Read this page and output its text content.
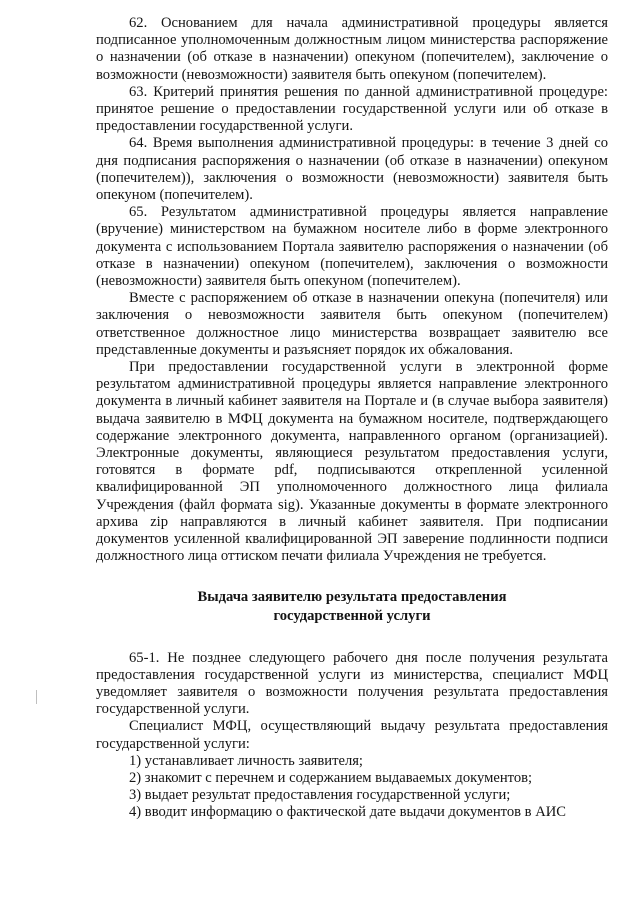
62. Основанием для начала административной процедуры является подписанное уполномоченным должностным лицом министерства распоряжение о назначении (об отказе в назначении) опекуном (попечителем), заключение о возможности (невозможности) заявителя быть опекуном (попечителем).

63. Критерий принятия решения по данной административной процедуре: принятое решение о предоставлении государственной услуги или об отказе в предоставлении государственной услуги.

64. Время выполнения административной процедуры: в течение 3 дней со дня подписания распоряжения о назначении (об отказе в назначении) опекуном (попечителем)), заключения о возможности (невозможности) заявителя быть опекуном (попечителем).

65. Результатом административной процедуры является направление (вручение) министерством на бумажном носителе либо в форме электронного документа с использованием Портала заявителю распоряжения о назначении (об отказе в назначении) опекуном (попечителем), заключения о возможности (невозможности) заявителя быть опекуном (попечителем).

Вместе с распоряжением об отказе в назначении опекуна (попечителя) или заключения о невозможности заявителя быть опекуном (попечителем) ответственное должностное лицо министерства возвращает заявителю все представленные документы и разъясняет порядок их обжалования.

При предоставлении государственной услуги в электронной форме результатом административной процедуры является направление электронного документа в личный кабинет заявителя на Портале и (в случае выбора заявителя) выдача заявителю в МФЦ документа на бумажном носителе, подтверждающего содержание электронного документа, направленного органом (организацией). Электронные документы, являющиеся результатом предоставления услуги, готовятся в формате pdf, подписываются открепленной усиленной квалифицированной ЭП уполномоченного должностного лица филиала Учреждения (файл формата sig). Указанные документы в формате электронного архива zip направляются в личный кабинет заявителя. При подписании документов усиленной квалифицированной ЭП заверение подлинности подписи должностного лица оттиском печати филиала Учреждения не требуется.

Выдача заявителю результата предоставления
государственной услуги

65-1. Не позднее следующего рабочего дня после получения результата предоставления государственной услуги из министерства, специалист МФЦ уведомляет заявителя о возможности получения результата предоставления государственной услуги.

Специалист МФЦ, осуществляющий выдачу результата предоставления государственной услуги:

1) устанавливает личность заявителя;

2) знакомит с перечнем и содержанием выдаваемых документов;

3) выдает результат предоставления государственной услуги;

4) вводит информацию о фактической дате выдачи документов в АИС
